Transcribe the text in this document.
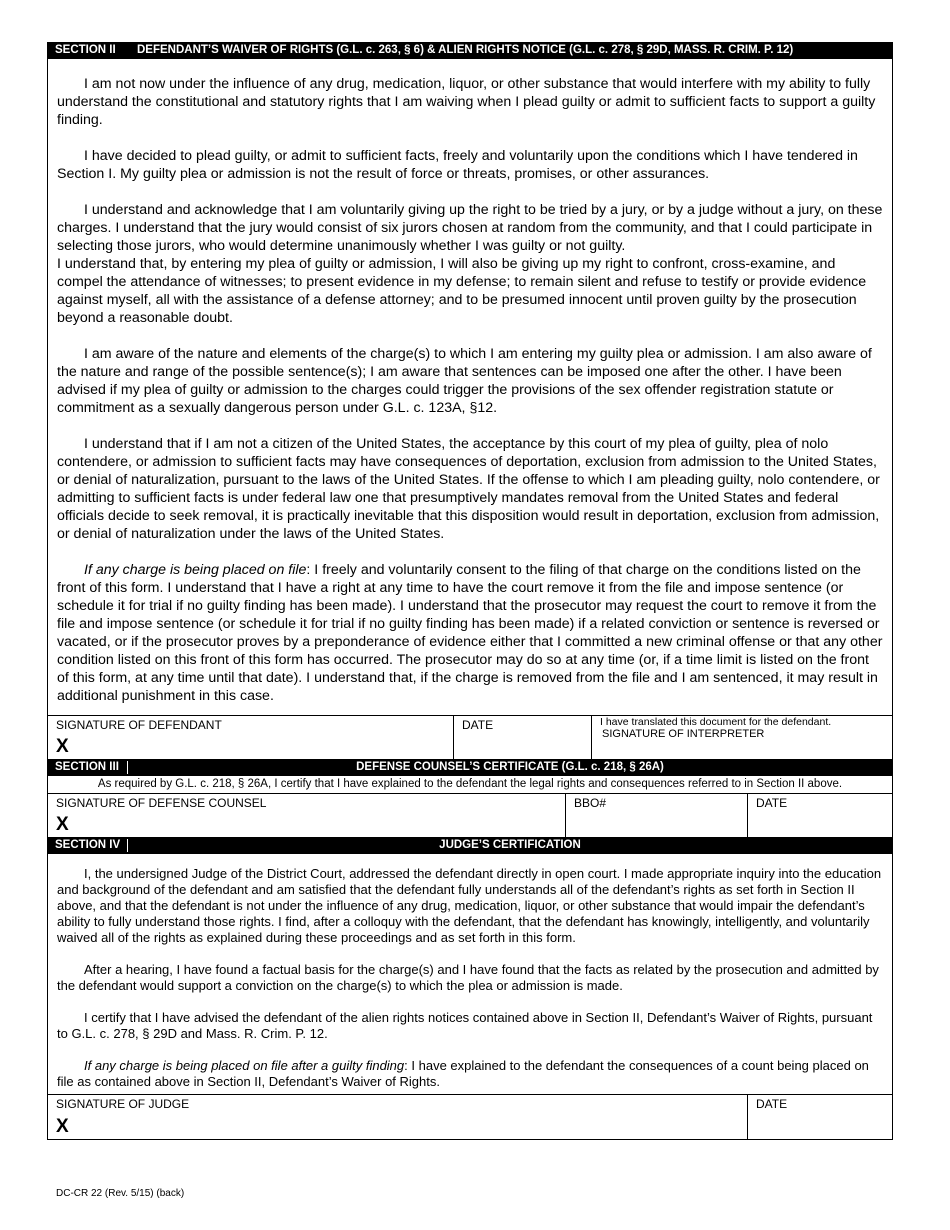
SECTION II DEFENDANT’S WAIVER OF RIGHTS (G.L. c. 263, § 6) & ALIEN RIGHTS NOTICE (G.L. c. 278, § 29D, MASS. R. CRIM. P. 12)

I am not now under the influence of any drug, medication, liquor, or other substance that would interfere with my ability to fully understand the constitutional and statutory rights that I am waiving when I plead guilty or admit to sufficient facts to support a guilty finding.

I have decided to plead guilty, or admit to sufficient facts, freely and voluntarily upon the conditions which I have tendered in Section I. My guilty plea or admission is not the result of force or threats, promises, or other assurances.

I understand and acknowledge that I am voluntarily giving up the right to be tried by a jury, or by a judge without a jury, on these charges. I understand that the jury would consist of six jurors chosen at random from the community, and that I could participate in selecting those jurors, who would determine unanimously whether I was guilty or not guilty.

I understand that, by entering my plea of guilty or admission, I will also be giving up my right to confront, cross-examine, and compel the attendance of witnesses; to present evidence in my defense; to remain silent and refuse to testify or provide evidence against myself, all with the assistance of a defense attorney; and to be presumed innocent until proven guilty by the prosecution beyond a reasonable doubt.

I am aware of the nature and elements of the charge(s) to which I am entering my guilty plea or admission. I am also aware of the nature and range of the possible sentence(s); I am aware that sentences can be imposed one after the other. I have been advised if my plea of guilty or admission to the charges could trigger the provisions of the sex offender registration statute or commitment as a sexually dangerous person under G.L. c. 123A, §12.

I understand that if I am not a citizen of the United States, the acceptance by this court of my plea of guilty, plea of nolo contendere, or admission to sufficient facts may have consequences of deportation, exclusion from admission to the United States, or denial of naturalization, pursuant to the laws of the United States. If the offense to which I am pleading guilty, nolo contendere, or admitting to sufficient facts is under federal law one that presumptively mandates removal from the United States and federal officials decide to seek removal, it is practically inevitable that this disposition would result in deportation, exclusion from admission, or denial of naturalization under the laws of the United States.

If any charge is being placed on file: I freely and voluntarily consent to the filing of that charge on the conditions listed on the front of this form. I understand that I have a right at any time to have the court remove it from the file and impose sentence (or schedule it for trial if no guilty finding has been made). I understand that the prosecutor may request the court to remove it from the file and impose sentence (or schedule it for trial if no guilty finding has been made) if a related conviction or sentence is reversed or vacated, or if the prosecutor proves by a preponderance of evidence either that I committed a new criminal offense or that any other condition listed on this front of this form has occurred. The prosecutor may do so at any time (or, if a time limit is listed on the front of this form, at any time until that date). I understand that, if the charge is removed from the file and I am sentenced, it may result in additional punishment in this case.

SIGNATURE OF DEFENDANT
X
DATE	I have translated this document for the defendant.
SIGNATURE OF INTERPRETER
SECTION III	DEFENSE COUNSEL’S CERTIFICATE (G.L. c. 218, § 26A)
As required by G.L. c. 218, § 26A, I certify that I have explained to the defendant the legal rights and consequences referred to in Section II above.
SIGNATURE OF DEFENSE COUNSEL
X
BBO#	DATE
SECTION IV	JUDGE’S CERTIFICATION

I, the undersigned Judge of the District Court, addressed the defendant directly in open court. I made appropriate inquiry into the education and background of the defendant and am satisfied that the defendant fully understands all of the defendant’s rights as set forth in Section II above, and that the defendant is not under the influence of any drug, medication, liquor, or other substance that would impair the defendant’s ability to fully understand those rights. I find, after a colloquy with the defendant, that the defendant has knowingly, intelligently, and voluntarily waived all of the rights as explained during these proceedings and as set forth in this form.

After a hearing, I have found a factual basis for the charge(s) and I have found that the facts as related by the prosecution and admitted by the defendant would support a conviction on the charge(s) to which the plea or admission is made.

I certify that I have advised the defendant of the alien rights notices contained above in Section II, Defendant’s Waiver of Rights, pursuant to G.L. c. 278, § 29D and Mass. R. Crim. P. 12.

If any charge is being placed on file after a guilty finding: I have explained to the defendant the consequences of a count being placed on file as contained above in Section II, Defendant’s Waiver of Rights.

SIGNATURE OF JUDGE
X
DATE
DC-CR 22 (Rev. 5/15) (back)
